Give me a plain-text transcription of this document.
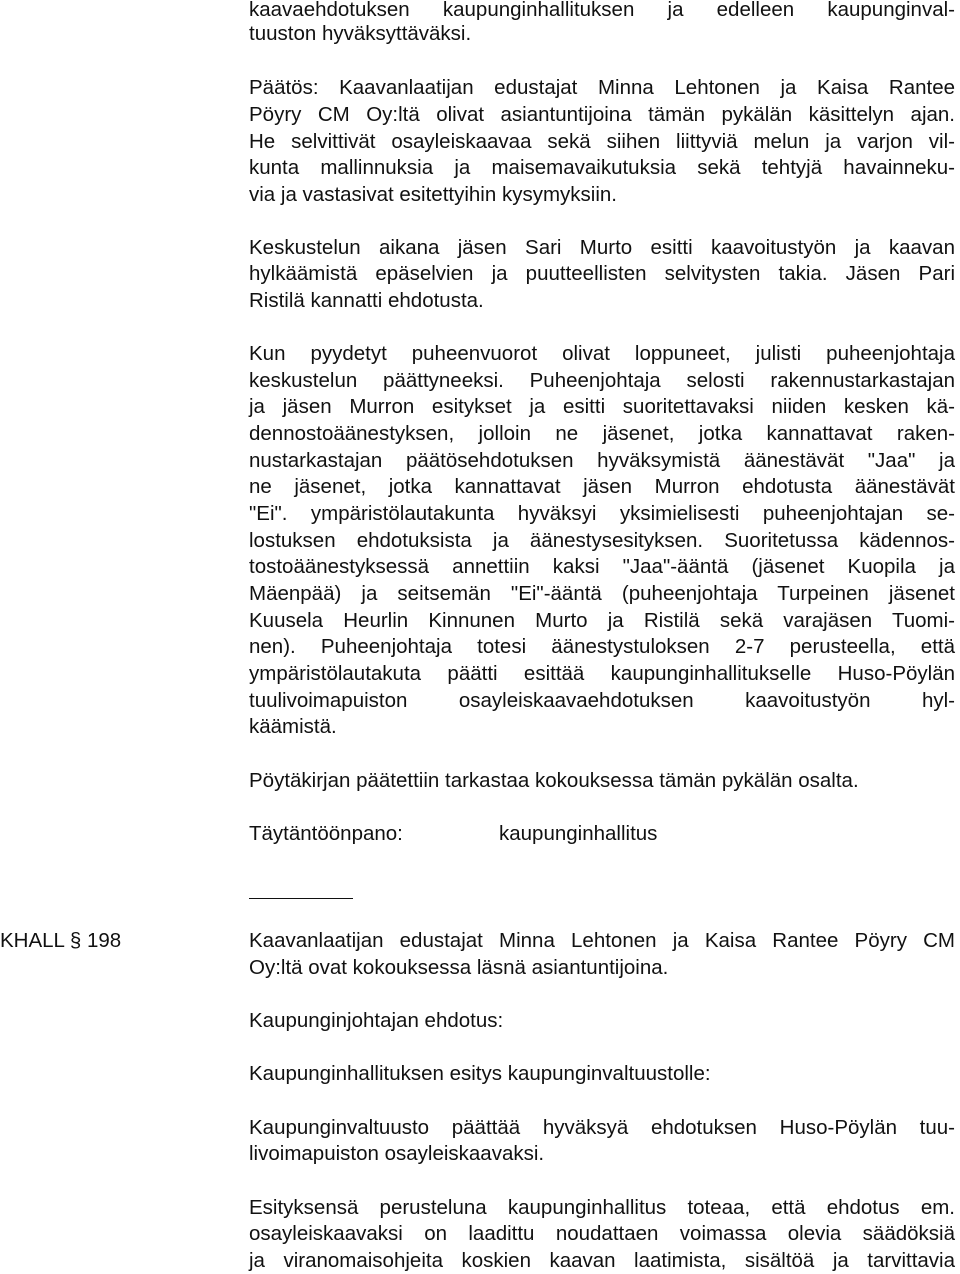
kaavaehdotuksen kaupunginhallituksen ja edelleen kaupunginval-
tuuston hyväksyttäväksi.
Päätös: Kaavanlaatijan edustajat Minna Lehtonen ja Kaisa Rantee
Pöyry CM Oy:ltä olivat asiantuntijoina tämän pykälän käsittelyn ajan.
He selvittivät osayleiskaavaa sekä siihen liittyviä melun ja varjon vil-
kunta mallinnuksia ja maisemavaikutuksia sekä tehtyjä havainneku-
via ja vastasivat esitettyihin kysymyksiin.
Keskustelun aikana jäsen Sari Murto esitti kaavoitustyön ja kaavan
hylkäämistä epäselvien ja puutteellisten selvitysten takia. Jäsen Pari
Ristilä kannatti ehdotusta.
Kun pyydetyt puheenvuorot olivat loppuneet, julisti puheenjohtaja
keskustelun päättyneeksi. Puheenjohtaja selosti rakennustarkastajan
ja jäsen Murron esitykset ja esitti suoritettavaksi niiden kesken kä-
dennostoäänestyksen, jolloin ne jäsenet, jotka kannattavat raken-
nustarkastajan päätösehdotuksen hyväksymistä äänestävät "Jaa" ja
ne jäsenet, jotka kannattavat jäsen Murron ehdotusta äänestävät
"Ei". ympäristölautakunta hyväksyi yksimielisesti puheenjohtajan se-
lostuksen ehdotuksista ja äänestysesityksen. Suoritetussa kädennos-
tostoäänestyksessä annettiin kaksi "Jaa"-ääntä (jäsenet Kuopila ja
Mäenpää) ja seitsemän "Ei"-ääntä (puheenjohtaja Turpeinen jäsenet
Kuusela Heurlin Kinnunen Murto ja Ristilä sekä varajäsen Tuomi-
nen). Puheenjohtaja totesi äänestystuloksen 2-7 perusteella, että
ympäristölautakuta päätti esittää kaupunginhallitukselle Huso-Pöylän
tuulivoimapuiston osayleiskaavaehdotuksen kaavoitustyön hyl-
käämistä.
Pöytäkirjan päätettiin tarkastaa kokouksessa tämän pykälän osalta.
Täytäntöönpano:	kaupunginhallitus
KHALL § 198	Kaavanlaatijan edustajat Minna Lehtonen ja Kaisa Rantee Pöyry CM
Oy:ltä ovat kokouksessa läsnä asiantuntijoina.
Kaupunginjohtajan ehdotus:
Kaupunginhallituksen esitys kaupunginvaltuustolle:
Kaupunginvaltuusto päättää hyväksyä ehdotuksen Huso-Pöylän tuu-
livoimapuiston osayleiskaavaksi.
Esityksensä perusteluna kaupunginhallitus toteaa, että ehdotus em.
osayleiskaavaksi on laadittu noudattaen voimassa olevia säädöksiä
ja viranomaisohjeita koskien kaavan laatimista, sisältöä ja tarvittavia
